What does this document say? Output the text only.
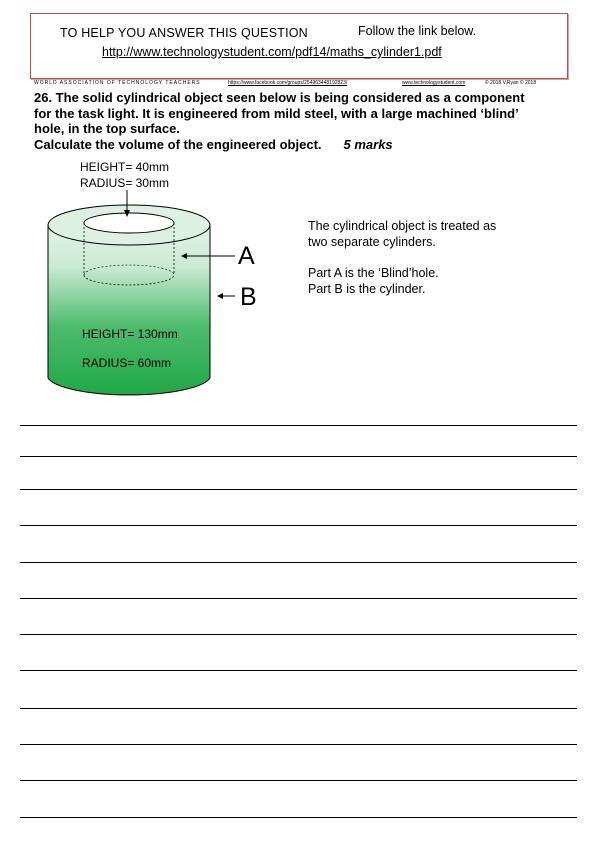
TO HELP YOU ANSWER THIS QUESTION	Follow the link below.
http://www.technologystudent.com/pdf14/maths_cylinder1.pdf
WORLD ASSOCIATION OF TECHNOLOGY TEACHERS	https://www.facebook.com/groups/254963448192823/	www.technologystudent.com	© 2018 V.Ryan © 2018

26. The solid cylindrical object seen below is being considered as a component

for the task light. It is engineered from mild steel, with a large machined ‘blind’

hole, in the top surface.

Calculate the volume of the engineered object. 5 marks

HEIGHT= 40mm
RADIUS= 30mm
A
B
HEIGHT= 130mm
RADIUS= 60mm
The cylindrical object is treated as
two separate cylinders.
Part A is the ‘Blind’hole.
Part B is the cylinder.
